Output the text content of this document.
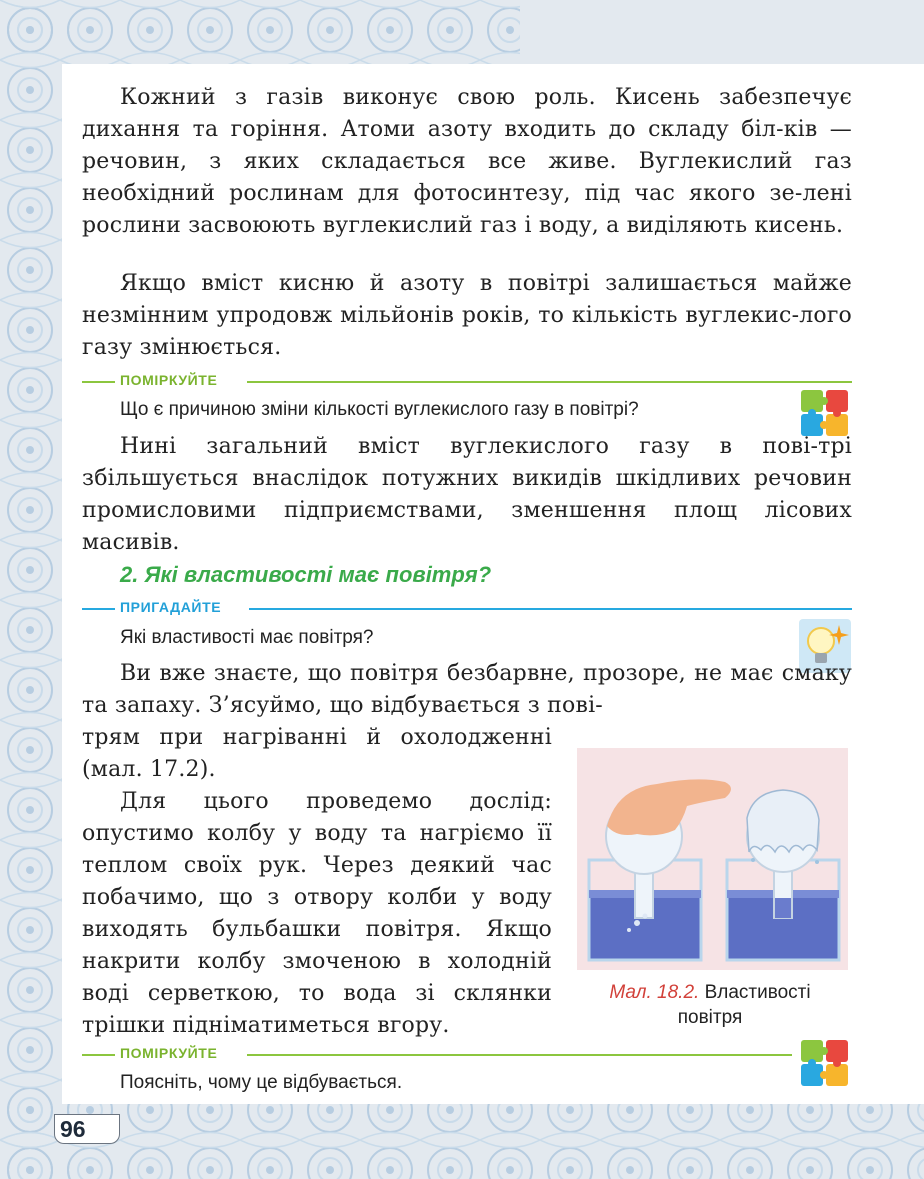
Кожний з газів виконує свою роль. Кисень забезпечує дихання та горіння. Атоми азоту входить до складу біл-ків — речовин, з яких складається все живе. Вуглекислий газ необхідний рослинам для фотосинтезу, під час якого зе-лені рослини засвоюють вуглекислий газ і воду, а виділяють кисень.

Якщо вміст кисню й азоту в повітрі залишається майже незмінним упродовж мільйонів років, то кількість вуглекис-лого газу змінюється.

ПОМІРКУЙТЕ

Що є причиною зміни кількості вуглекислого газу в повітрі?

Нині загальний вміст вуглекислого газу в пові-трі збільшується внаслідок потужних викидів шкідливих речовин промисловими підприємствами, зменшення площ лісових масивів.

2. Які властивості має повітря?
ПРИГАДАЙТЕ

Які властивості має повітря?

Ви вже знаєте, що повітря безбарвне, прозоре, не має смаку та запаху. З’ясуймо, що відбувається з пові-

трям при нагріванні й охолодженні (мал. 17.2).

Для цього проведемо дослід: опустимо колбу у воду та нагріємо її теплом своїх рук. Через деякий час побачимо, що з отвору колби у воду виходять бульбашки повітря. Якщо накрити колбу змоченою в холодній воді серветкою, то вода зі склянки трішки підніматиметься вгору.

Мал. 18.2. Властивості
повітря

ПОМІРКУЙТЕ

Поясніть, чому це відбувається.

96
